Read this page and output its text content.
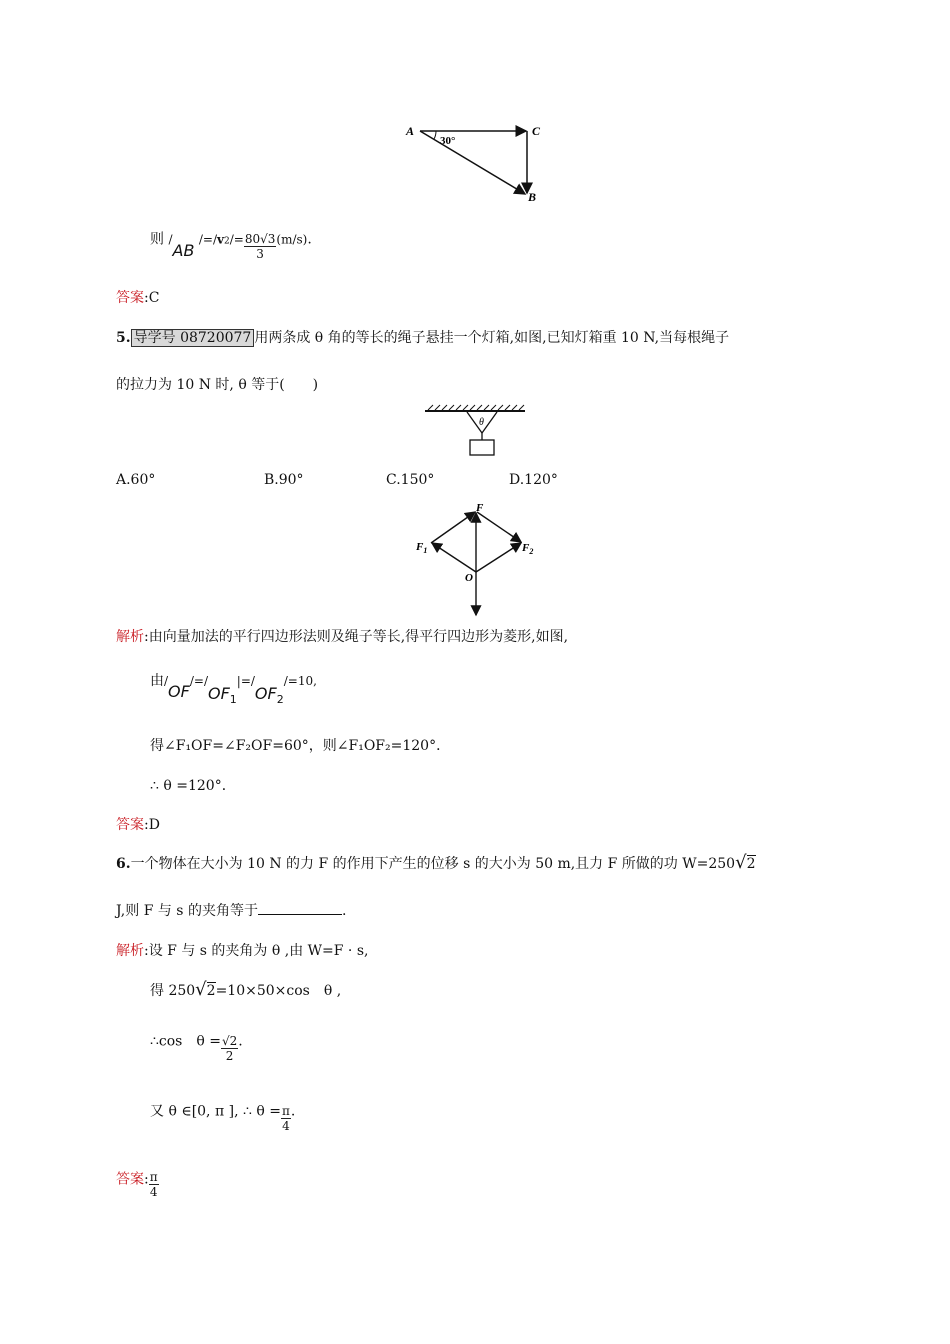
A	C
B
30°
则 /AB $/=/v2/= \frac{80√3}{3} (m/s)$.
答案:C
5. 导学号 08720077 用两条成 θ 角的等长的绳子悬挂一个灯箱,如图,已知灯箱重 10 N,当每根绳子
的拉力为 10 N 时, θ 等于(　　)
θ
A.60°	B.90°	C.150°	D.120°
F
$F_1$	$F_2$
O
解析:由向量加法的平行四边形法则及绳子等长,得平行四边形为菱形,如图,
由$/OF/=/OF_1|=/OF_2/=10$,
得∠F₁OF=∠F₂OF=60°，则∠F₁OF₂=120°．
∴ θ =120°．
答案:D
6.一个物体在大小为 10 N 的力 F 的作用下产生的位移 s 的大小为 50 m,且力 F 所做的功 W=250√2
J,则 F 与 s 的夹角等于	.
解析:设 F 与 s 的夹角为 θ ,由 W=F · s,
得 250√2=10×50×cos　θ ,
∴cos　$\theta = \frac{√2}{2}$ .
又 θ ∈[0, π ], ∴ $\theta = \frac{\pi}{4}$ .
答案: $\frac{\pi}{4}$
